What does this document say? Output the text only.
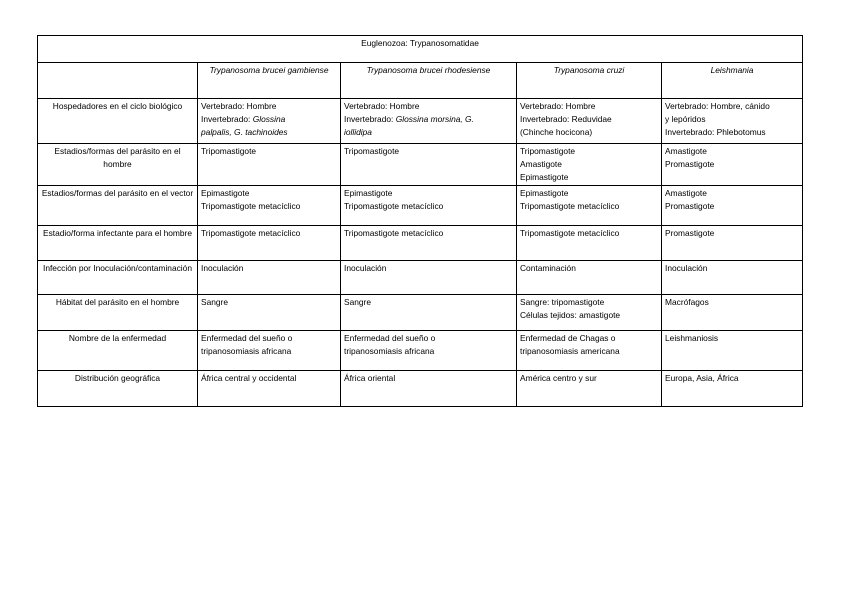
Euglenozoa: Trypanosomatidae				
	Trypanosoma brucei gambiense	Trypanosoma brucei rhodesiense	Trypanosoma cruzi	Leishmania
Hospedadores en el ciclo biológico	Vertebrado: Hombre
Invertebrado: Glossina
palpalis, G. tachinoides	Vertebrado: Hombre
Invertebrado: Glossina morsina, G.
iollidipa	Vertebrado: Hombre
Invertebrado: Reduvidae
(Chinche hocicona)	Vertebrado: Hombre, cánido
y lepóridos
Invertebrado: Phlebotomus

Estadios/formas del parásito en el hombre	Tripomastigote	Tripomastigote	Tripomastigote
Amastigote
Epimastigote	Amastigote
Promastigote

Estadios/formas del parásito en el vector	Epimastigote
Tripomastigote metacíclico	Epimastigote
Tripomastigote metacíclico	Epimastigote
Tripomastigote metacíclico	Amastigote
Promastigote

Estadio/forma infectante para el hombre	Tripomastigote metacíclico	Tripomastigote metacíclico	Tripomastigote metacíclico	Promastigote

Infección por Inoculación/contaminación	Inoculación	Inoculación	Contaminación	Inoculación

Hábitat del parásito en el hombre	Sangre	Sangre	Sangre: tripomastigote
Células tejidos: amastigote	Macrófagos

Nombre de la enfermedad	Enfermedad del sueño o
tripanosomiasis africana	Enfermedad del sueño o
tripanosomiasis africana	Enfermedad de Chagas o
tripanosomiasis americana	Leishmaniosis

Distribución geográfica	África central y occidental	África oriental	América centro y sur	Europa, Asia, África
